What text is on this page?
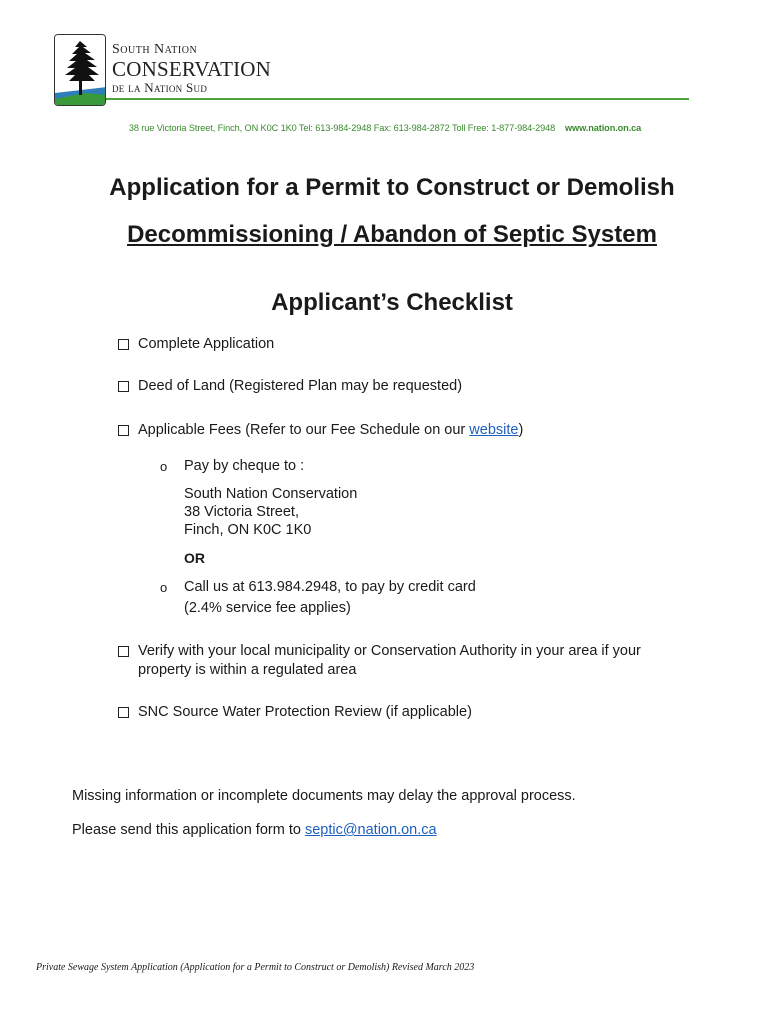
South Nation
CONSERVATION
de la Nation Sud
38 rue Victoria Street, Finch, ON K0C 1K0 Tel: 613-984-2948 Fax: 613-984-2872 Toll Free: 1-877-984-2948 www.nation.on.ca
Application for a Permit to Construct or Demolish
Decommissioning / Abandon of Septic System
Applicant’s Checklist
Complete Application
Deed of Land (Registered Plan may be requested)
Applicable Fees (Refer to our Fee Schedule on our website)
o	Pay by cheque to :
South Nation Conservation
38 Victoria Street,
Finch, ON K0C 1K0
OR
o	Call us at 613.984.2948, to pay by credit card
(2.4% service fee applies)
Verify with your local municipality or Conservation Authority in your area if your
property is within a regulated area
SNC Source Water Protection Review (if applicable)
Missing information or incomplete documents may delay the approval process.
Please send this application form to septic@nation.on.ca
Private Sewage System Application (Application for a Permit to Construct or Demolish) Revised March 2023
